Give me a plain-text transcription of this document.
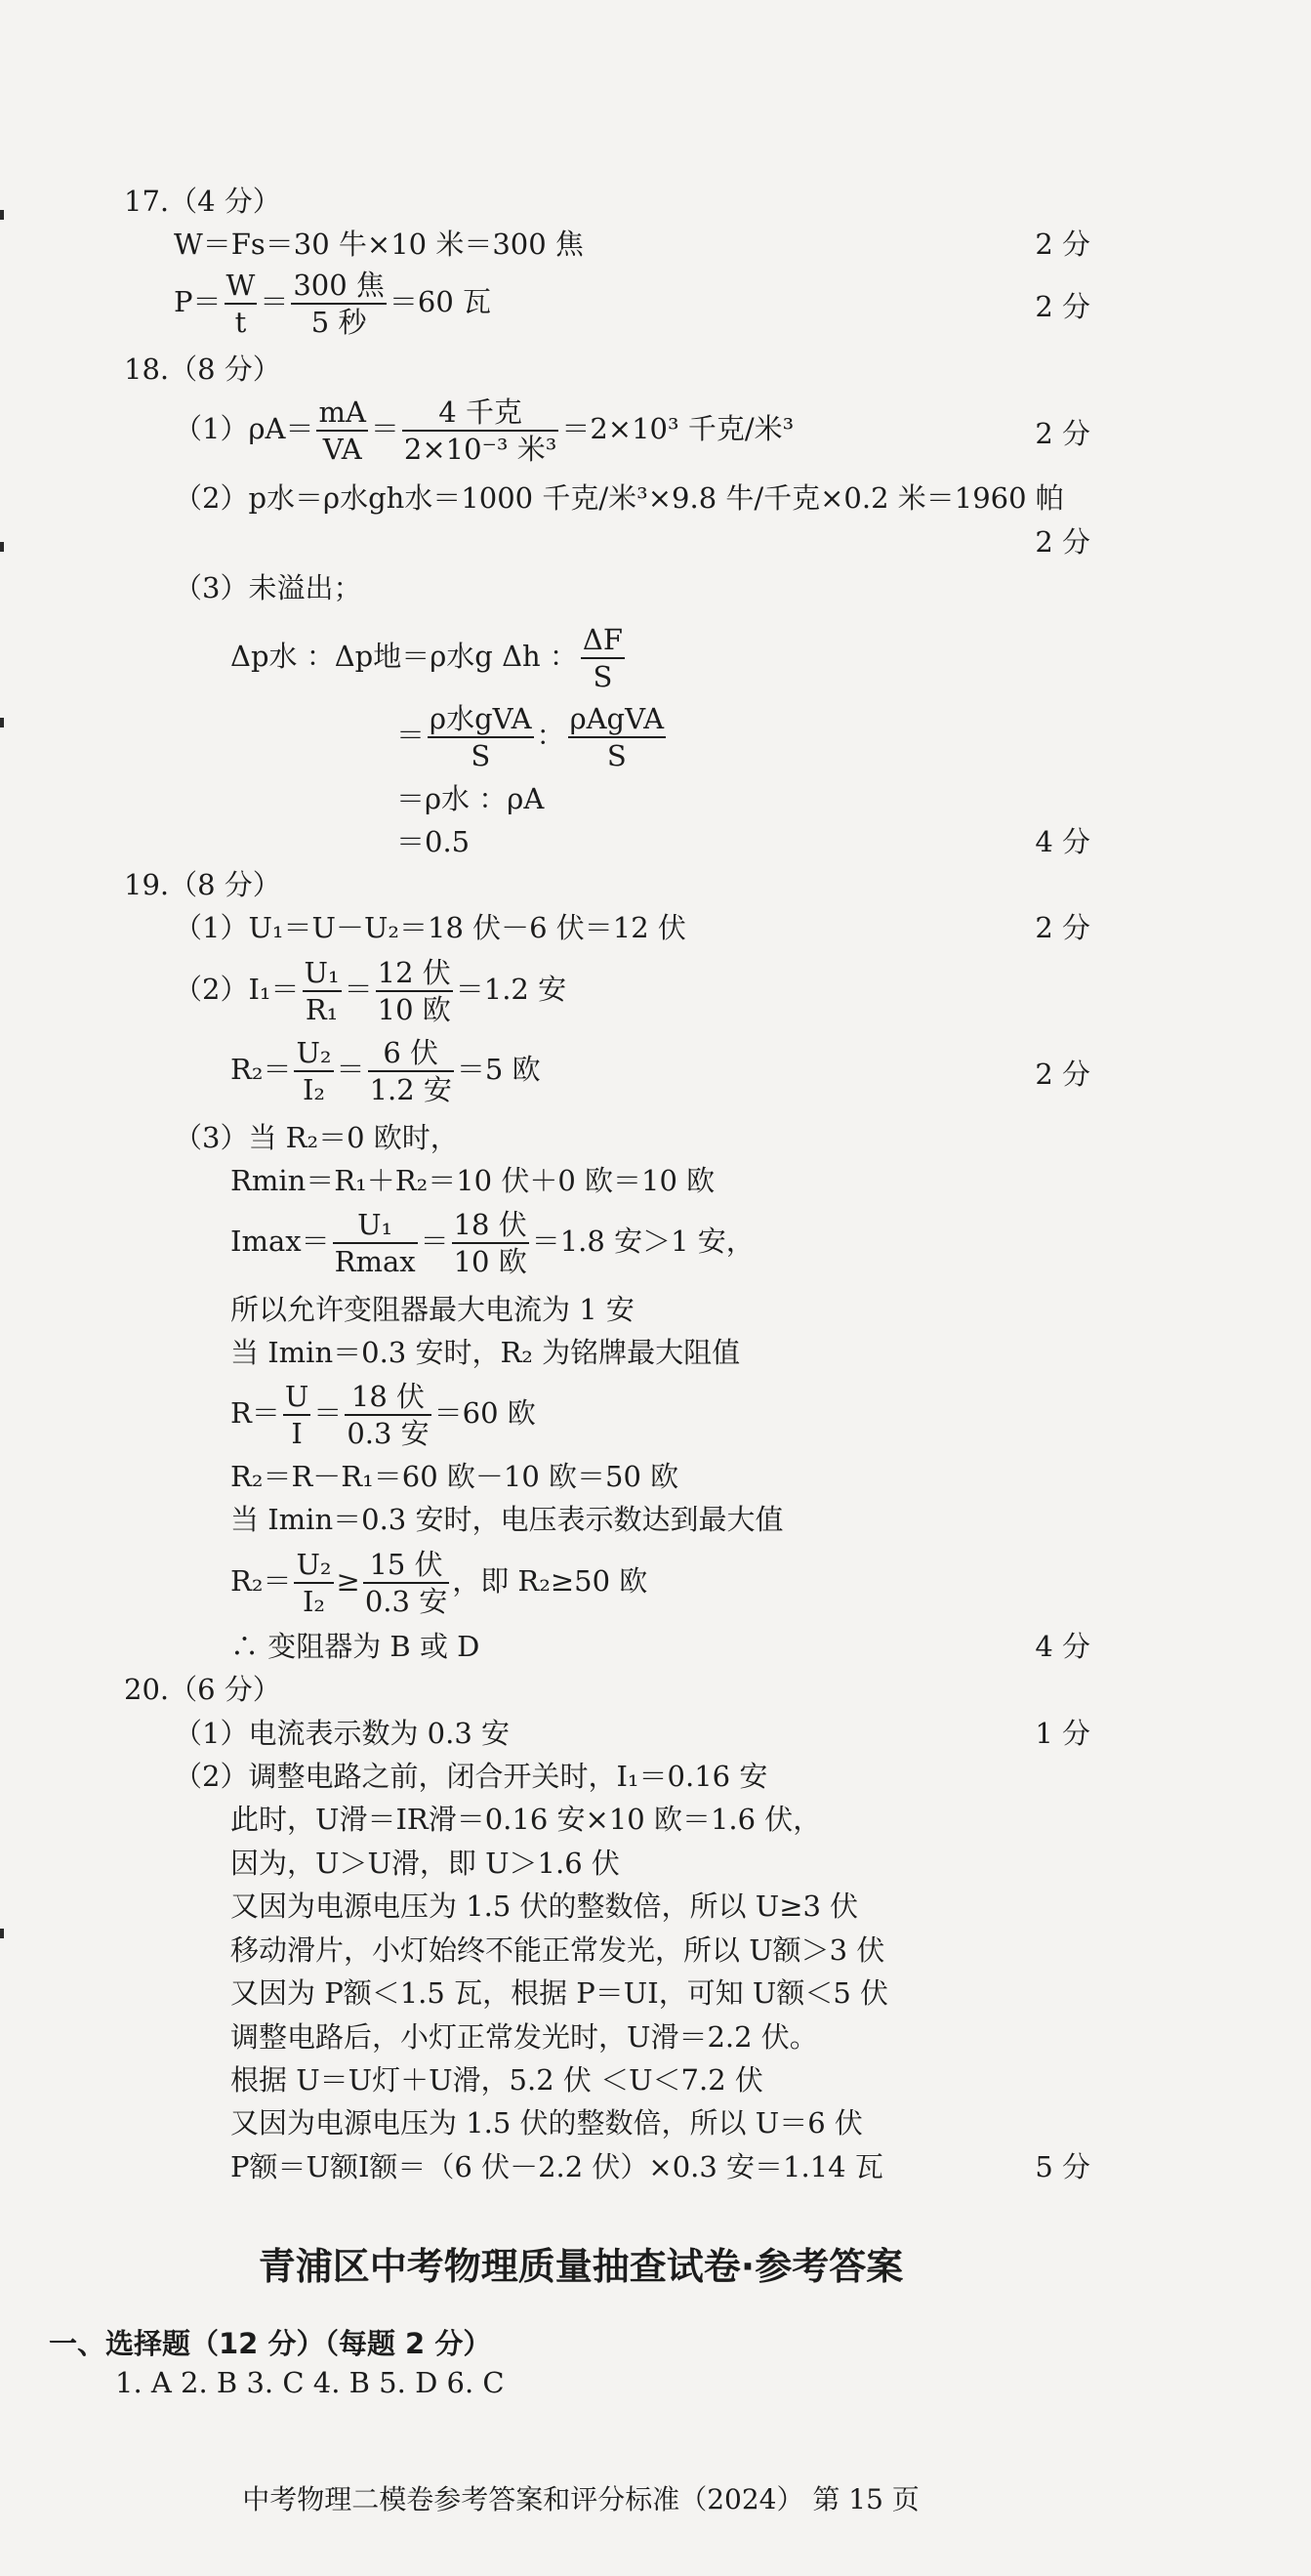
17.（4 分）
W＝Fs＝30 牛×10 米＝300 焦	2 分
$P= \frac{W}{t} = \frac{\text{300 焦}}{\text{5 秒}} =60$ 瓦	2 分
18.（8 分）
$(1)\rho A= \frac{mA}{VA} = \frac{\text{4 千克}}{\text{2×10⁻³ 米³}} =2\times 10^3$ 千克/米³	2 分
（2）p水＝ρ水gh水＝1000 千克/米³×9.8 牛/千克×0.2 米＝1960 帕
2 分
（3）未溢出；
Δp水 ：Δp地＝ρ水g Δh ： $\frac{\Delta F}{S}$
＝ $\frac{\text{ρ水gVA}}{S}$ ： $\frac{\text{ρAgVA}}{S}$
＝ρ水 ：ρA
＝0.5	4 分
19.（8 分）
（1）U₁＝U－U₂＝18 伏－6 伏＝12 伏	2 分
$(2)I_1= \frac{\text{U₁}}{\text{R₁}} = \frac{\text{12 伏}}{\text{10 欧}} =1.2$ 安
$R_2= \frac{\text{U₂}}{\text{I₂}} = \frac{\text{6 伏}}{\text{1.2 安}} =5$ 欧	2 分
（3）当 R₂＝0 欧时，
Rmin＝R₁＋R₂＝10 伏＋0 欧＝10 欧
$Imax= \frac{\text{U₁}}{Rmax} = \frac{\text{18 伏}}{\text{10 欧}} =1.8$ 安＞1 安，
所以允许变阻器最大电流为 1 安
当 Imin＝0.3 安时，R₂ 为铭牌最大阻值
$R= \frac{U}{I} = \frac{\text{18 伏}}{\text{0.3 安}} =60$ 欧
R₂＝R－R₁＝60 欧－10 欧＝50 欧
当 Imin＝0.3 安时，电压表示数达到最大值
$R_2= \frac{\text{U₂}}{\text{I₂}} \ge \frac{\text{15 伏}}{\text{0.3 安}}$ ，即 R₂≥50 欧
∴ 变阻器为 B 或 D	4 分
20.（6 分）
（1）电流表示数为 0.3 安	1 分
（2）调整电路之前，闭合开关时，I₁＝0.16 安
此时，U滑＝IR滑＝0.16 安×10 欧＝1.6 伏，
因为，U＞U滑，即 U＞1.6 伏
又因为电源电压为 1.5 伏的整数倍，所以 U≥3 伏
移动滑片，小灯始终不能正常发光，所以 U额＞3 伏
又因为 P额＜1.5 瓦，根据 P＝UI，可知 U额＜5 伏
调整电路后，小灯正常发光时，U滑＝2.2 伏。
根据 U＝U灯＋U滑，5.2 伏 ＜U＜7.2 伏
又因为电源电压为 1.5 伏的整数倍，所以 U＝6 伏
P额＝U额I额＝（6 伏－2.2 伏）×0.3 安＝1.14 瓦	5 分
青浦区中考物理质量抽查试卷·参考答案
一、选择题（12 分）（每题 2 分）
1. A 2. B 3. C 4. B 5. D 6. C
中考物理二模卷参考答案和评分标准（2024） 第 15 页
